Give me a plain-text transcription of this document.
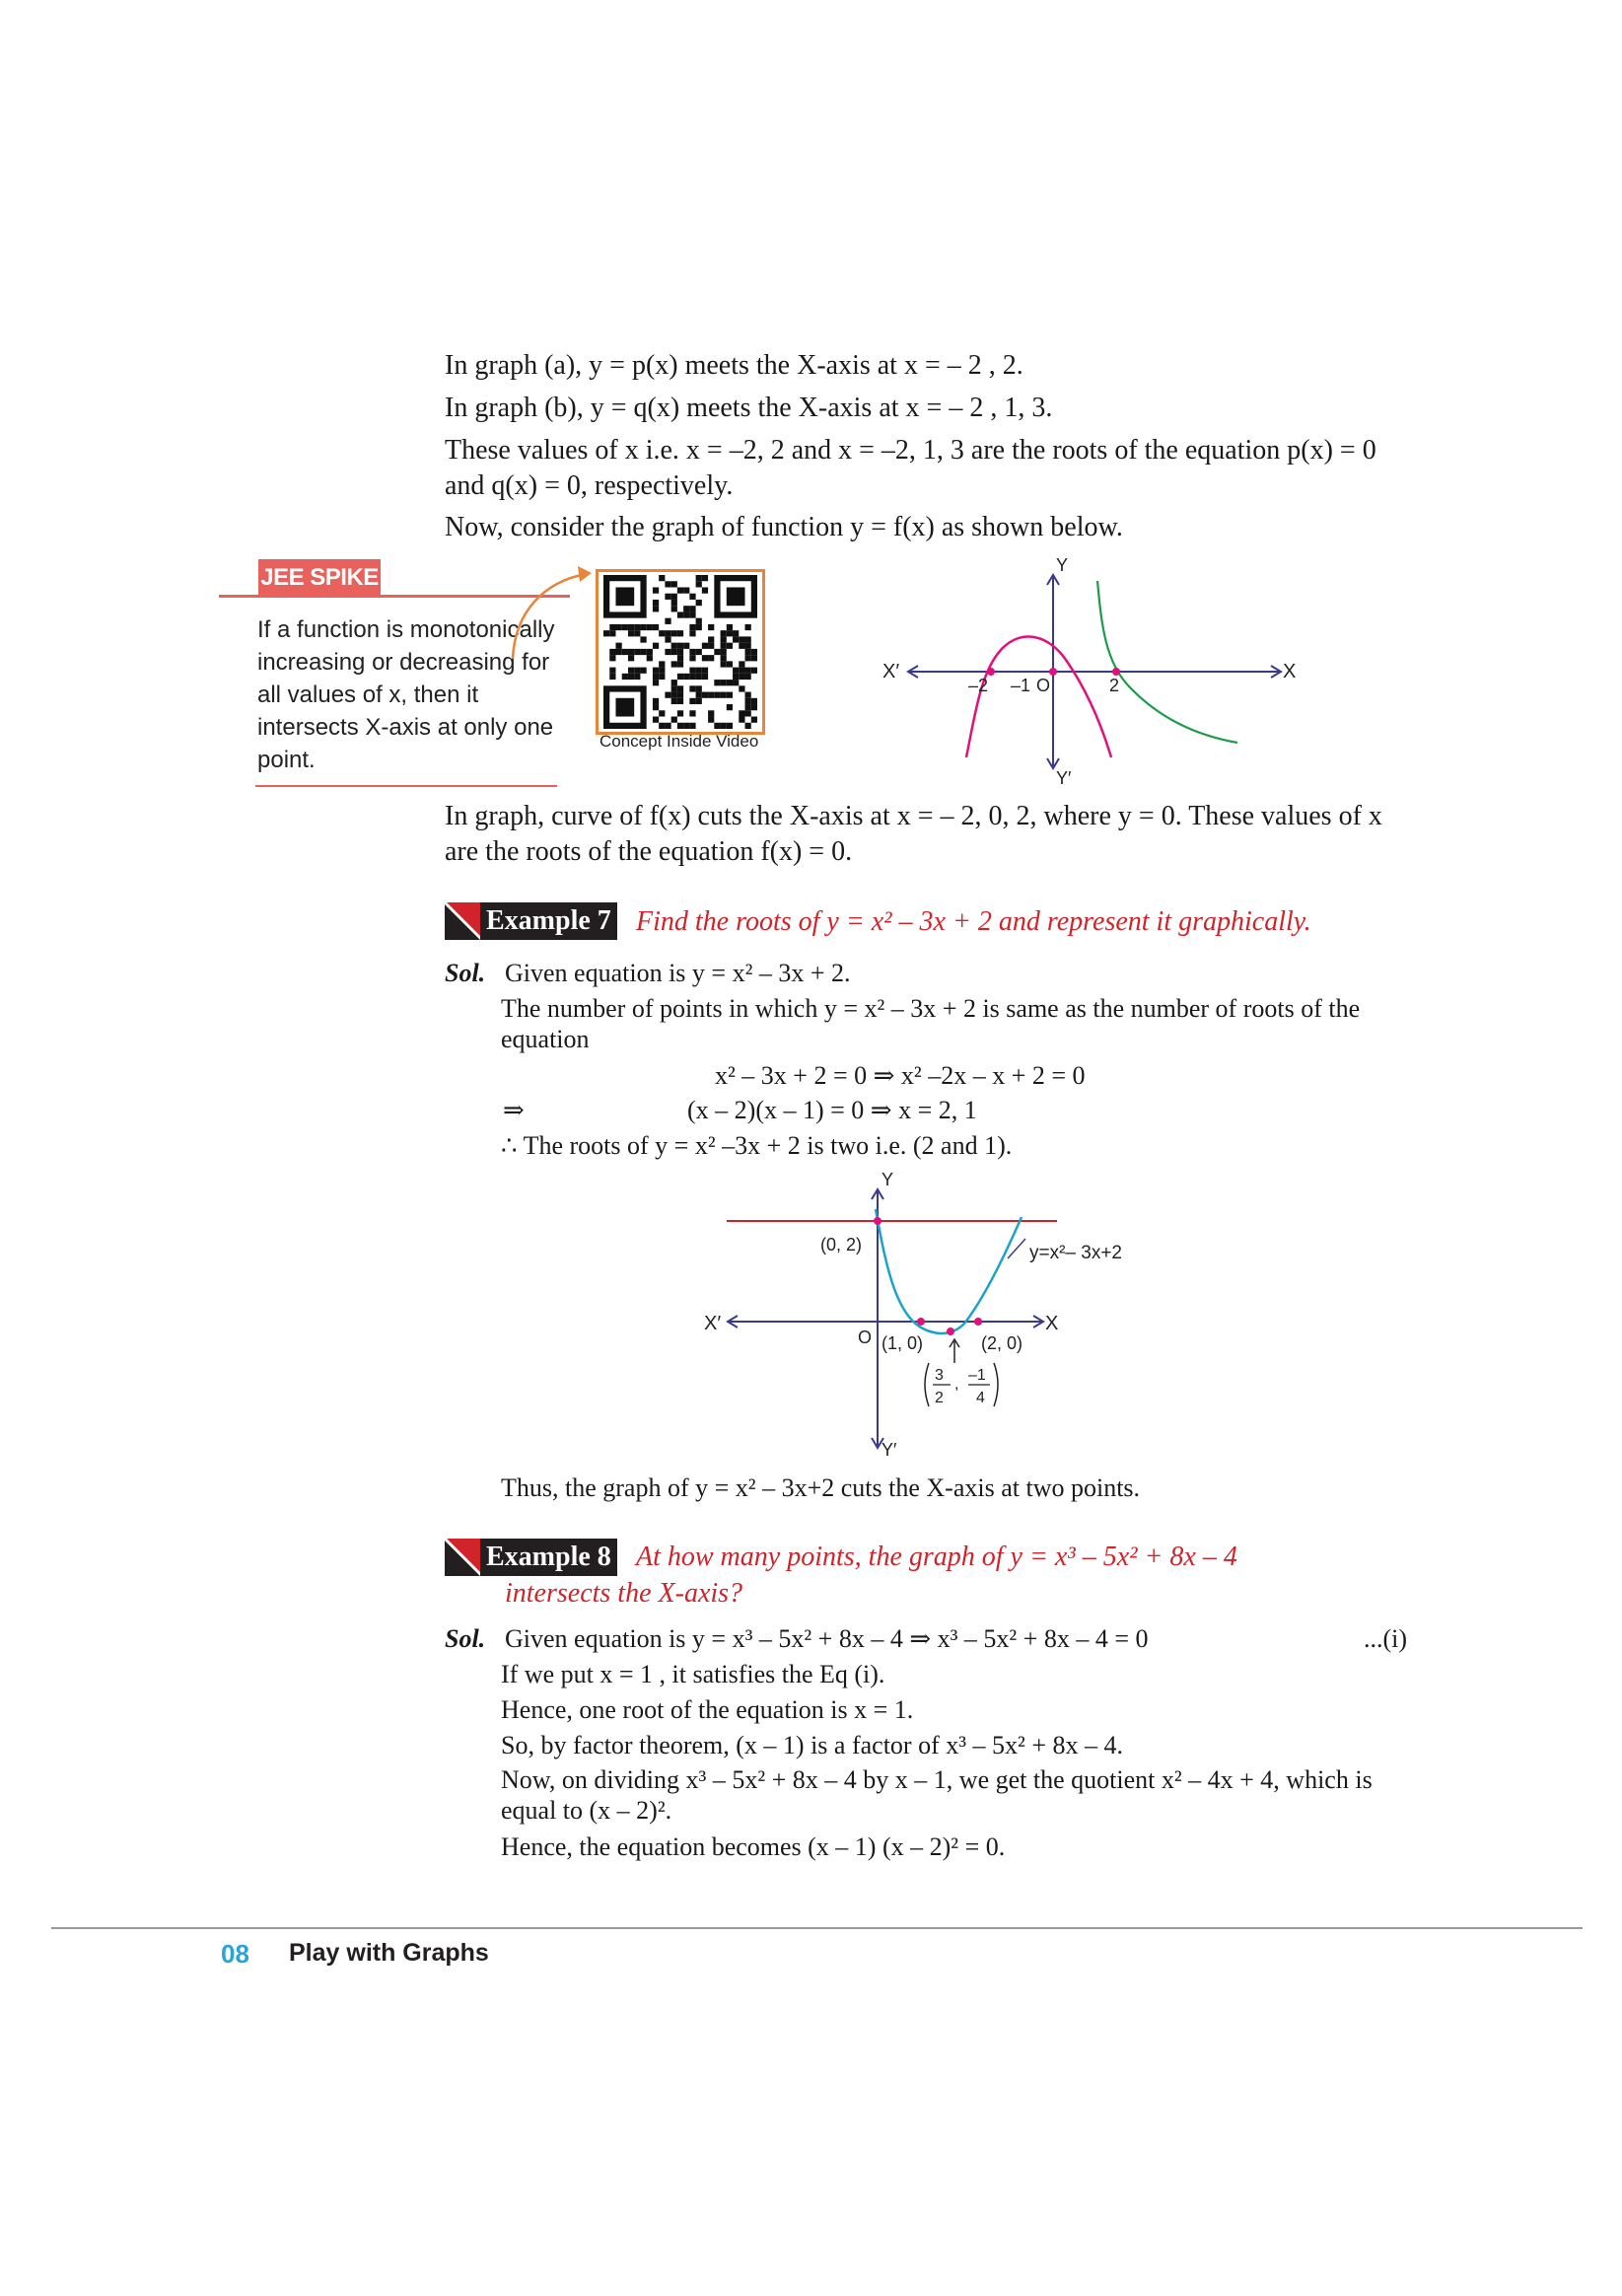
In graph (a), y = p(x) meets the X-axis at x = – 2 , 2.

In graph (b), y = q(x) meets the X-axis at x = – 2 , 1, 3.

These values of x i.e. x = –2, 2 and x = –2, 1, 3 are the roots of the equation p(x) = 0 and q(x) = 0, respectively.

Now, consider the graph of function y = f(x) as shown below.

JEE SPIKE
If a function is monotonically increasing or decreasing for all values of x, then it intersects X-axis at only one point.
Concept Inside Video
Y
Y′
X
X′
–2 –1 O	2

In graph, curve of f(x) cuts the X-axis at x = – 2, 0, 2, where y = 0. These values of x are the roots of the equation f(x) = 0.

Example 7 Find the roots of y = x² – 3x + 2 and represent it graphically.
Sol. Given equation is y = x² – 3x + 2.
The number of points in which y = x² – 3x + 2 is same as the number of roots of the equation
x² – 3x + 2 = 0 ⇒ x² –2x – x + 2 = 0
⇒	(x – 2)(x – 1) = 0 ⇒ x = 2, 1
∴ The roots of y = x² –3x + 2 is two i.e. (2 and 1).
Y
Y′
X
X′
O
(0, 2)
(1, 0)	(2, 0)
y=x²– 3x+2
3
2
,
–1
4
Thus, the graph of y = x² – 3x+2 cuts the X-axis at two points.
Example 8 At how many points, the graph of y = x³ – 5x² + 8x – 4
intersects the X-axis?
Sol. Given equation is y = x³ – 5x² + 8x – 4 ⇒ x³ – 5x² + 8x – 4 = 0	...(i)
If we put x = 1 , it satisfies the Eq (i).
Hence, one root of the equation is x = 1.
So, by factor theorem, (x – 1) is a factor of x³ – 5x² + 8x – 4.
Now, on dividing x³ – 5x² + 8x – 4 by x – 1, we get the quotient x² – 4x + 4, which is equal to (x – 2)².
Hence, the equation becomes (x – 1) (x – 2)² = 0.
08 Play with Graphs
